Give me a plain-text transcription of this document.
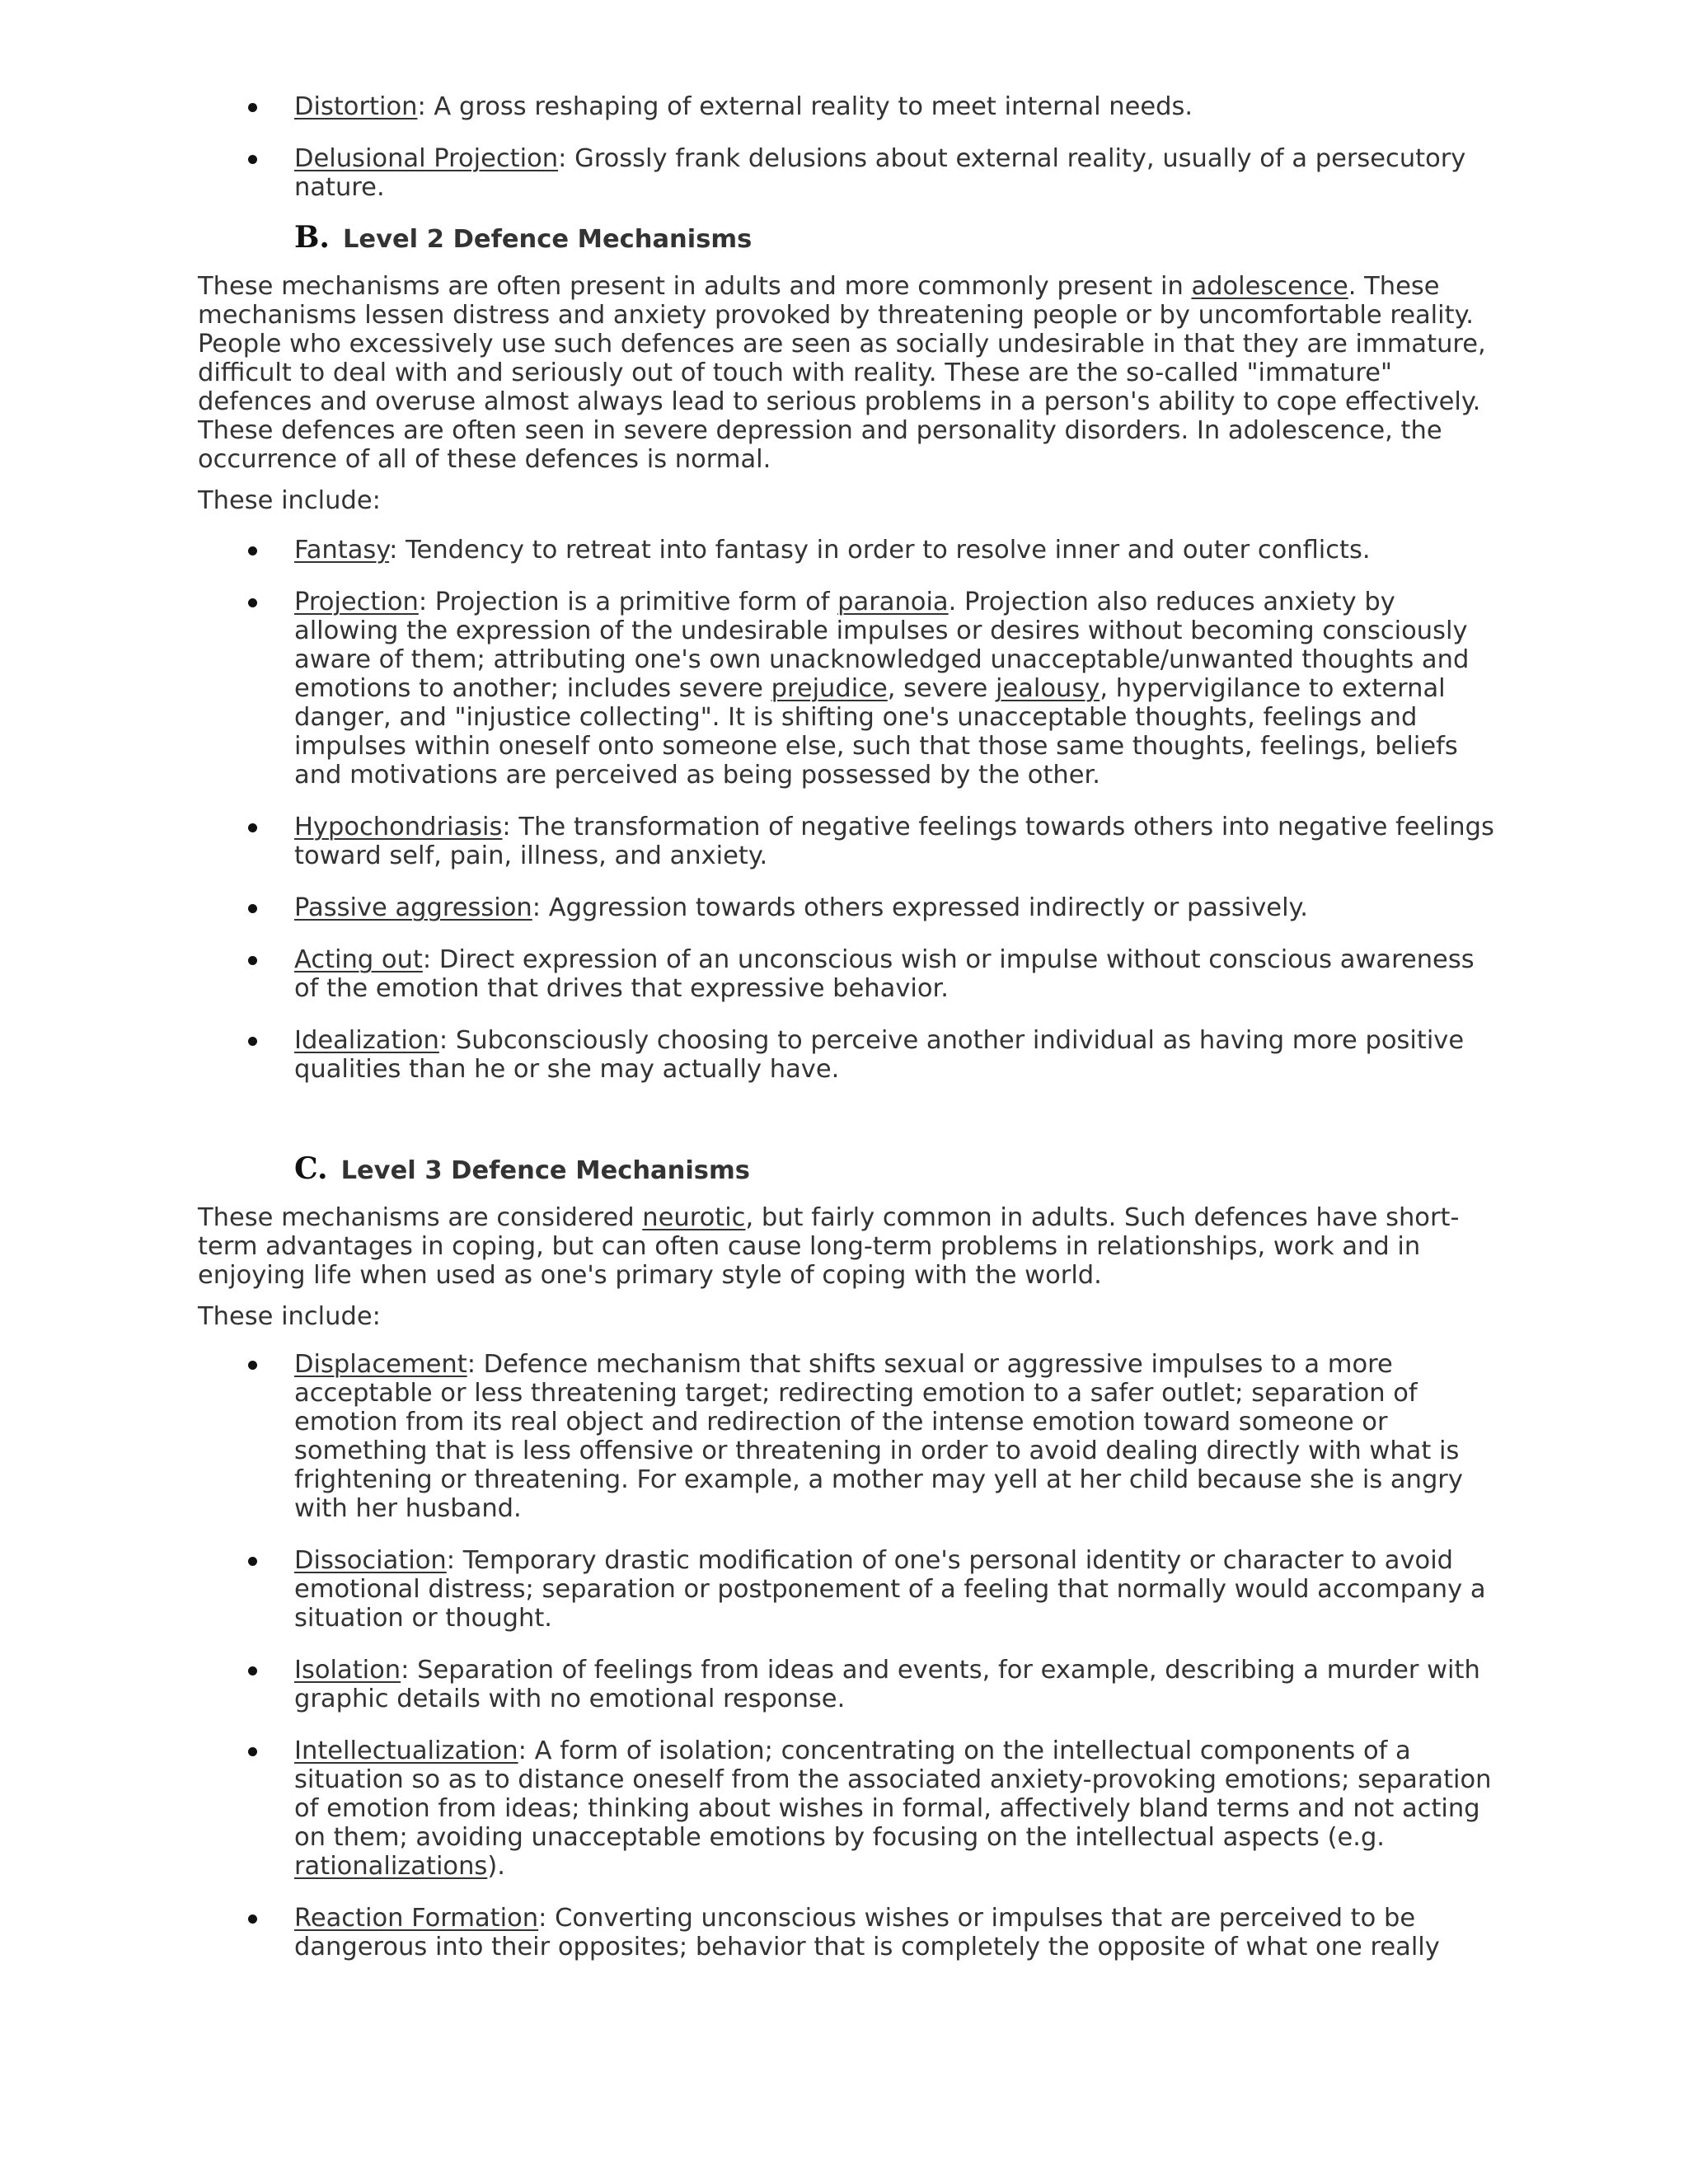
Distortion: A gross reshaping of external reality to meet internal needs.
Delusional Projection: Grossly frank delusions about external reality, usually of a persecutory
nature.
B. Level 2 Defence Mechanisms

These mechanisms are often present in adults and more commonly present in adolescence. These
mechanisms lessen distress and anxiety provoked by threatening people or by uncomfortable reality.
People who excessively use such defences are seen as socially undesirable in that they are immature,
difficult to deal with and seriously out of touch with reality. These are the so-called "immature"
defences and overuse almost always lead to serious problems in a person's ability to cope effectively.
These defences are often seen in severe depression and personality disorders. In adolescence, the
occurrence of all of these defences is normal.

These include:

Fantasy: Tendency to retreat into fantasy in order to resolve inner and outer conflicts.
Projection: Projection is a primitive form of paranoia. Projection also reduces anxiety by
allowing the expression of the undesirable impulses or desires without becoming consciously
aware of them; attributing one's own unacknowledged unacceptable/unwanted thoughts and
emotions to another; includes severe prejudice, severe jealousy, hypervigilance to external
danger, and "injustice collecting". It is shifting one's unacceptable thoughts, feelings and
impulses within oneself onto someone else, such that those same thoughts, feelings, beliefs
and motivations are perceived as being possessed by the other.
Hypochondriasis: The transformation of negative feelings towards others into negative feelings
toward self, pain, illness, and anxiety.
Passive aggression: Aggression towards others expressed indirectly or passively.
Acting out: Direct expression of an unconscious wish or impulse without conscious awareness
of the emotion that drives that expressive behavior.
Idealization: Subconsciously choosing to perceive another individual as having more positive
qualities than he or she may actually have.
C. Level 3 Defence Mechanisms

These mechanisms are considered neurotic, but fairly common in adults. Such defences have short-
term advantages in coping, but can often cause long-term problems in relationships, work and in
enjoying life when used as one's primary style of coping with the world.

These include:

Displacement: Defence mechanism that shifts sexual or aggressive impulses to a more
acceptable or less threatening target; redirecting emotion to a safer outlet; separation of
emotion from its real object and redirection of the intense emotion toward someone or
something that is less offensive or threatening in order to avoid dealing directly with what is
frightening or threatening. For example, a mother may yell at her child because she is angry
with her husband.
Dissociation: Temporary drastic modification of one's personal identity or character to avoid
emotional distress; separation or postponement of a feeling that normally would accompany a
situation or thought.
Isolation: Separation of feelings from ideas and events, for example, describing a murder with
graphic details with no emotional response.
Intellectualization: A form of isolation; concentrating on the intellectual components of a
situation so as to distance oneself from the associated anxiety-provoking emotions; separation
of emotion from ideas; thinking about wishes in formal, affectively bland terms and not acting
on them; avoiding unacceptable emotions by focusing on the intellectual aspects (e.g.
rationalizations).
Reaction Formation: Converting unconscious wishes or impulses that are perceived to be
dangerous into their opposites; behavior that is completely the opposite of what one really
